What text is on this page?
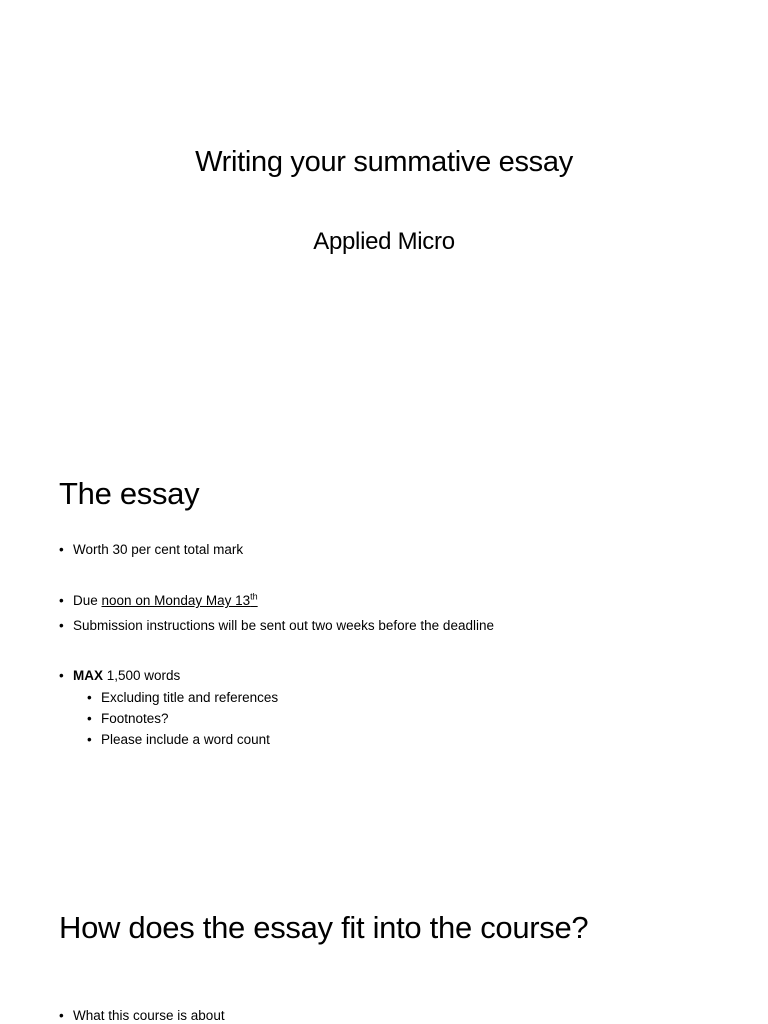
Writing your summative essay
Applied Micro
The essay
• Worth 30 per cent total mark
• Due noon on Monday May 13th
• Submission instructions will be sent out two weeks before the deadline
• MAX 1,500 words
• Excluding title and references
• Footnotes?
• Please include a word count
How does the essay fit into the course?
• What this course is about
